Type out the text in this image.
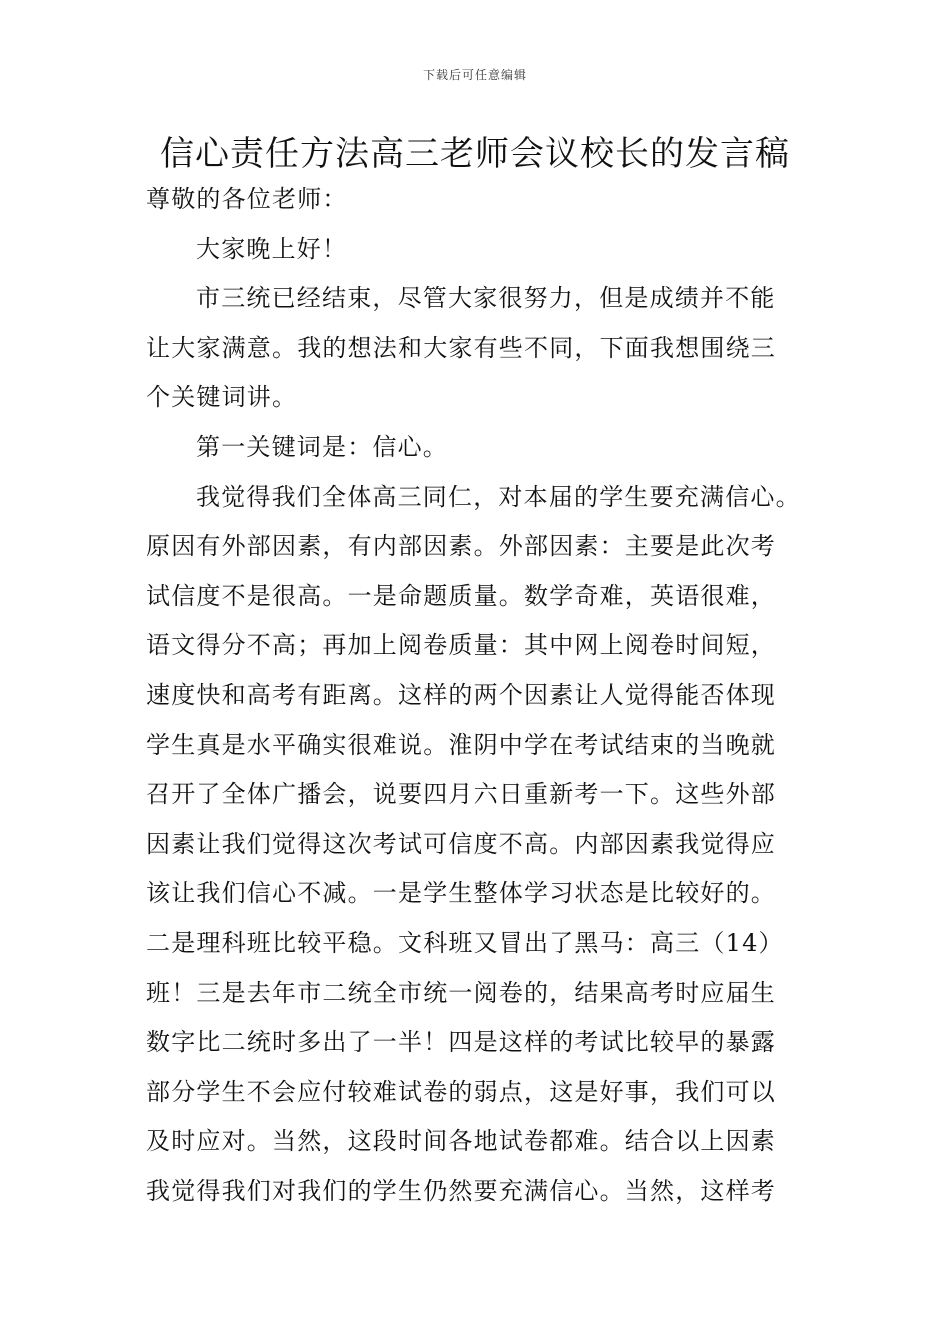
下载后可任意编辑
信心责任方法高三老师会议校长的发言稿
尊敬的各位老师：
大家晚上好！
市三统已经结束，尽管大家很努力，但是成绩并不能
让大家满意。我的想法和大家有些不同，下面我想围绕三
个关键词讲。
第一关键词是：信心。
我觉得我们全体高三同仁，对本届的学生要充满信心。
原因有外部因素，有内部因素。外部因素：主要是此次考
试信度不是很高。一是命题质量。数学奇难，英语很难，
语文得分不高；再加上阅卷质量：其中网上阅卷时间短，
速度快和高考有距离。这样的两个因素让人觉得能否体现
学生真是水平确实很难说。淮阴中学在考试结束的当晚就
召开了全体广播会，说要四月六日重新考一下。这些外部
因素让我们觉得这次考试可信度不高。内部因素我觉得应
该让我们信心不减。一是学生整体学习状态是比较好的。
二是理科班比较平稳。文科班又冒出了黑马：高三（14）
班！三是去年市二统全市统一阅卷的，结果高考时应届生
数字比二统时多出了一半！四是这样的考试比较早的暴露
部分学生不会应付较难试卷的弱点，这是好事，我们可以
及时应对。当然，这段时间各地试卷都难。结合以上因素
我觉得我们对我们的学生仍然要充满信心。当然，这样考
